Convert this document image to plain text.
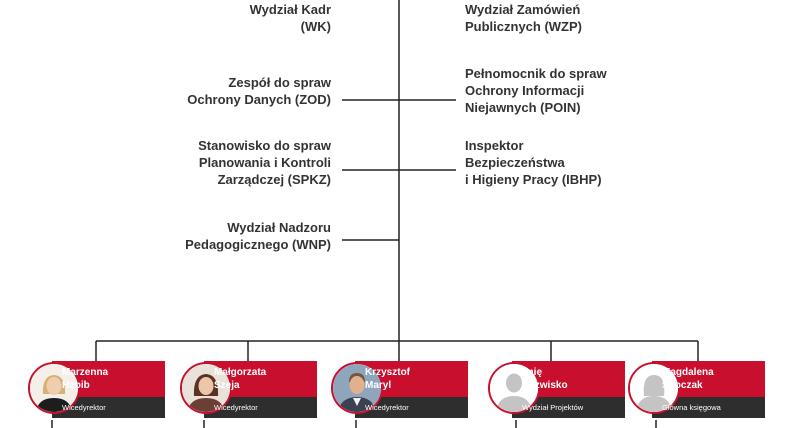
Wydział Kadr
(WK)

Zespół do spraw
Ochrony Danych (ZOD)

Stanowisko do spraw
Planowania i Kontroli
Zarządczej (SPKZ)

Wydział Nadzoru
Pedagogicznego (WNP)

Wydział Zamówień
Publicznych (WZP)

Pełnomocnik do spraw
Ochrony Informacji
Niejawnych (POIN)

Inspektor
Bezpieczeństwa
i Higieny Pracy (IBHP)

Marzenna
Habib
Wicedyrektor
Małgorzata
Szeja
Wicedyrektor
Krzysztof
Maryl
Wicedyrektor
Imię
Nazwisko
Wydział Projektów
Magdalena
Sobczak
Główna księgowa
